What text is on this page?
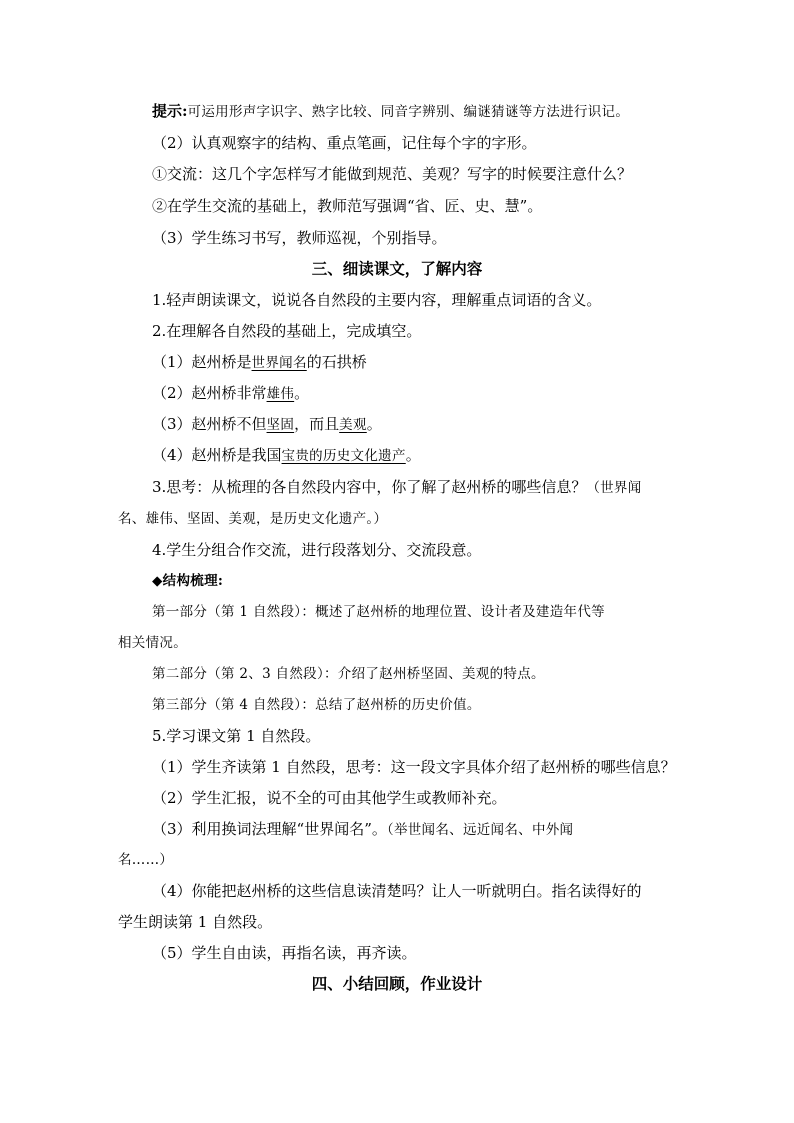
提示:可运用形声字识字、熟字比较、同音字辨别、编谜猜谜等方法进行识记。
（2）认真观察字的结构、重点笔画，记住每个字的字形。
①交流：这几个字怎样写才能做到规范、美观？写字的时候要注意什么？
②在学生交流的基础上，教师范写强调“省、匠、史、慧”。
（3）学生练习书写，教师巡视，个别指导。
三、细读课文，了解内容
1.轻声朗读课文，说说各自然段的主要内容，理解重点词语的含义。
2.在理解各自然段的基础上，完成填空。
（1）赵州桥是世界闻名的石拱桥
（2）赵州桥非常雄伟。
（3）赵州桥不但坚固，而且美观。
（4）赵州桥是我国宝贵的历史文化遗产。
3.思考：从梳理的各自然段内容中，你了解了赵州桥的哪些信息？（世界闻
名、雄伟、坚固、美观，是历史文化遗产。）
4.学生分组合作交流，进行段落划分、交流段意。
◆结构梳理:
第一部分（第 1 自然段）：概述了赵州桥的地理位置、设计者及建造年代等
相关情况。
第二部分（第 2、3 自然段）：介绍了赵州桥坚固、美观的特点。
第三部分（第 4 自然段）：总结了赵州桥的历史价值。
5.学习课文第 1 自然段。
（1）学生齐读第 1 自然段，思考：这一段文字具体介绍了赵州桥的哪些信息？
（2）学生汇报，说不全的可由其他学生或教师补充。
（3）利用换词法理解“世界闻名”。（举世闻名、远近闻名、中外闻
名……）
（4）你能把赵州桥的这些信息读清楚吗？让人一听就明白。指名读得好的
学生朗读第 1 自然段。
（5）学生自由读，再指名读，再齐读。
四、小结回顾，作业设计
